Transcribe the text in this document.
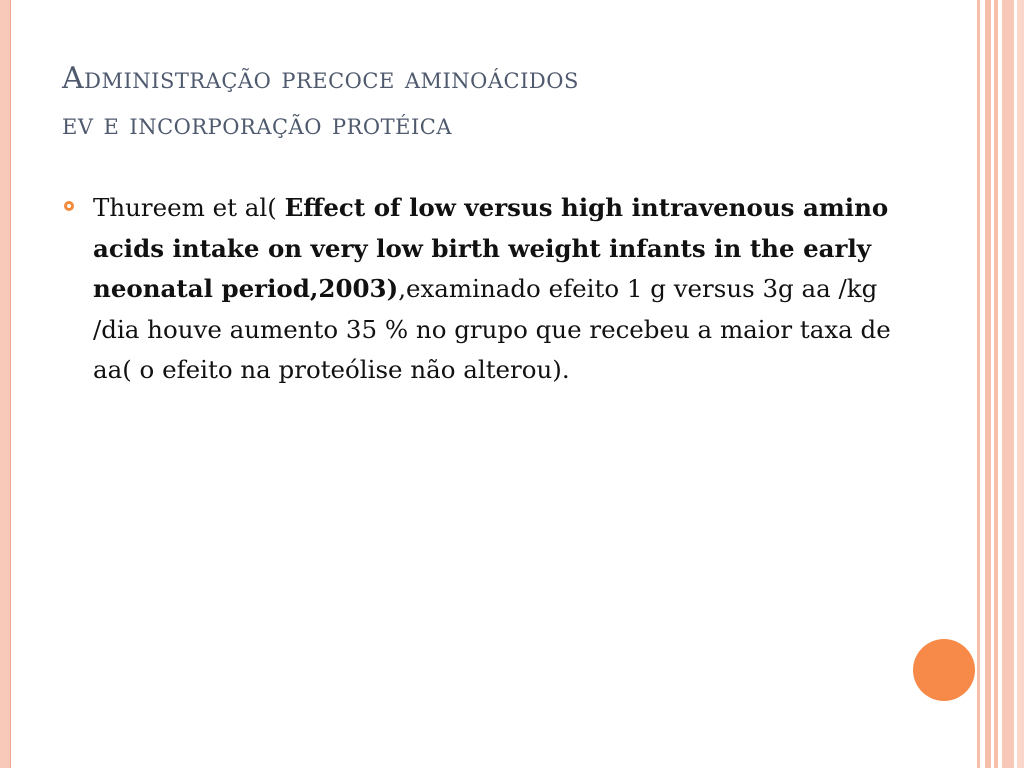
Administração precoce aminoácidos
ev e incorporação protéica
Thureem et al( Effect of low versus high intravenous amino acids intake on very low birth weight infants in the early neonatal period,2003),examinado efeito 1 g versus 3g aa /kg /dia houve aumento 35 % no grupo que recebeu a maior taxa de aa( o efeito na proteólise não alterou).
